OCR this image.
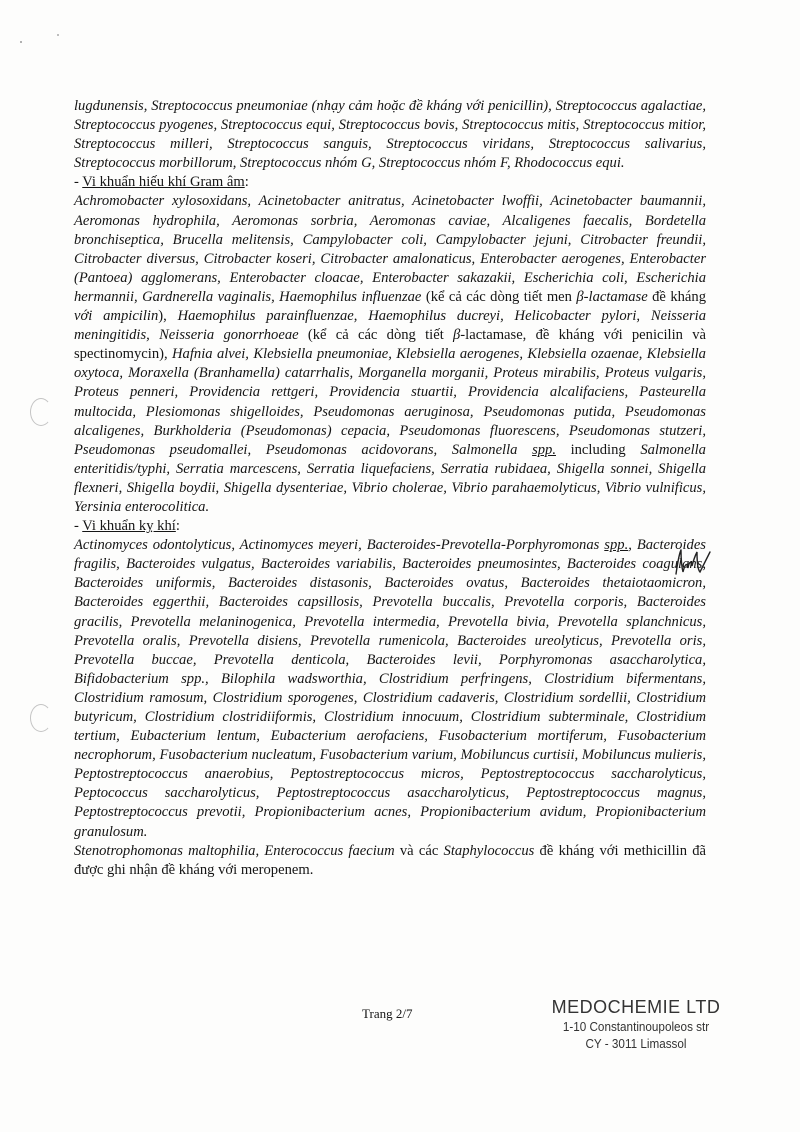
lugdunensis, Streptococcus pneumoniae (nhạy cảm hoặc đề kháng với penicillin), Streptococcus agalactiae, Streptococcus pyogenes, Streptococcus equi, Streptococcus bovis, Streptococcus mitis, Streptococcus mitior, Streptococcus milleri, Streptococcus sanguis, Streptococcus viridans, Streptococcus salivarius, Streptococcus morbillorum, Streptococcus nhóm G, Streptococcus nhóm F, Rhodococcus equi.

- Vi khuẩn hiếu khí Gram âm:

Achromobacter xylosoxidans, Acinetobacter anitratus, Acinetobacter lwoffii, Acinetobacter baumannii, Aeromonas hydrophila, Aeromonas sorbria, Aeromonas caviae, Alcaligenes faecalis, Bordetella bronchiseptica, Brucella melitensis, Campylobacter coli, Campylobacter jejuni, Citrobacter freundii, Citrobacter diversus, Citrobacter koseri, Citrobacter amalonaticus, Enterobacter aerogenes, Enterobacter (Pantoea) agglomerans, Enterobacter cloacae, Enterobacter sakazakii, Escherichia coli, Escherichia hermannii, Gardnerella vaginalis, Haemophilus influenzae (kể cả các dòng tiết men β-lactamase đề kháng với ampicilin), Haemophilus parainfluenzae, Haemophilus ducreyi, Helicobacter pylori, Neisseria meningitidis, Neisseria gonorrhoeae (kể cả các dòng tiết β-lactamase, đề kháng với penicilin và spectinomycin), Hafnia alvei, Klebsiella pneumoniae, Klebsiella aerogenes, Klebsiella ozaenae, Klebsiella oxytoca, Moraxella (Branhamella) catarrhalis, Morganella morganii, Proteus mirabilis, Proteus vulgaris, Proteus penneri, Providencia rettgeri, Providencia stuartii, Providencia alcalifaciens, Pasteurella multocida, Plesiomonas shigelloides, Pseudomonas aeruginosa, Pseudomonas putida, Pseudomonas alcaligenes, Burkholderia (Pseudomonas) cepacia, Pseudomonas fluorescens, Pseudomonas stutzeri, Pseudomonas pseudomallei, Pseudomonas acidovorans, Salmonella spp. including Salmonella enteritidis/typhi, Serratia marcescens, Serratia liquefaciens, Serratia rubidaea, Shigella sonnei, Shigella flexneri, Shigella boydii, Shigella dysenteriae, Vibrio cholerae, Vibrio parahaemolyticus, Vibrio vulnificus, Yersinia enterocolitica.

- Vi khuẩn kỵ khí:

Actinomyces odontolyticus, Actinomyces meyeri, Bacteroides-Prevotella-Porphyromonas spp., Bacteroides fragilis, Bacteroides vulgatus, Bacteroides variabilis, Bacteroides pneumosintes, Bacteroides coagulans, Bacteroides uniformis, Bacteroides distasonis, Bacteroides ovatus, Bacteroides thetaiotaomicron, Bacteroides eggerthii, Bacteroides capsillosis, Prevotella buccalis, Prevotella corporis, Bacteroides gracilis, Prevotella melaninogenica, Prevotella intermedia, Prevotella bivia, Prevotella splanchnicus, Prevotella oralis, Prevotella disiens, Prevotella rumenicola, Bacteroides ureolyticus, Prevotella oris, Prevotella buccae, Prevotella denticola, Bacteroides levii, Porphyromonas asaccharolytica, Bifidobacterium spp., Bilophila wadsworthia, Clostridium perfringens, Clostridium bifermentans, Clostridium ramosum, Clostridium sporogenes, Clostridium cadaveris, Clostridium sordellii, Clostridium butyricum, Clostridium clostridiiformis, Clostridium innocuum, Clostridium subterminale, Clostridium tertium, Eubacterium lentum, Eubacterium aerofaciens, Fusobacterium mortiferum, Fusobacterium necrophorum, Fusobacterium nucleatum, Fusobacterium varium, Mobiluncus curtisii, Mobiluncus mulieris, Peptostreptococcus anaerobius, Peptostreptococcus micros, Peptostreptococcus saccharolyticus, Peptococcus saccharolyticus, Peptostreptococcus asaccharolyticus, Peptostreptococcus magnus, Peptostreptococcus prevotii, Propionibacterium acnes, Propionibacterium avidum, Propionibacterium granulosum.

Stenotrophomonas maltophilia, Enterococcus faecium và các Staphylococcus đề kháng với methicillin đã được ghi nhận đề kháng với meropenem.

Trang 2/7	MEDOCHEMIE LTD
1-10 Constantinoupoleos str
CY - 3011 Limassol
